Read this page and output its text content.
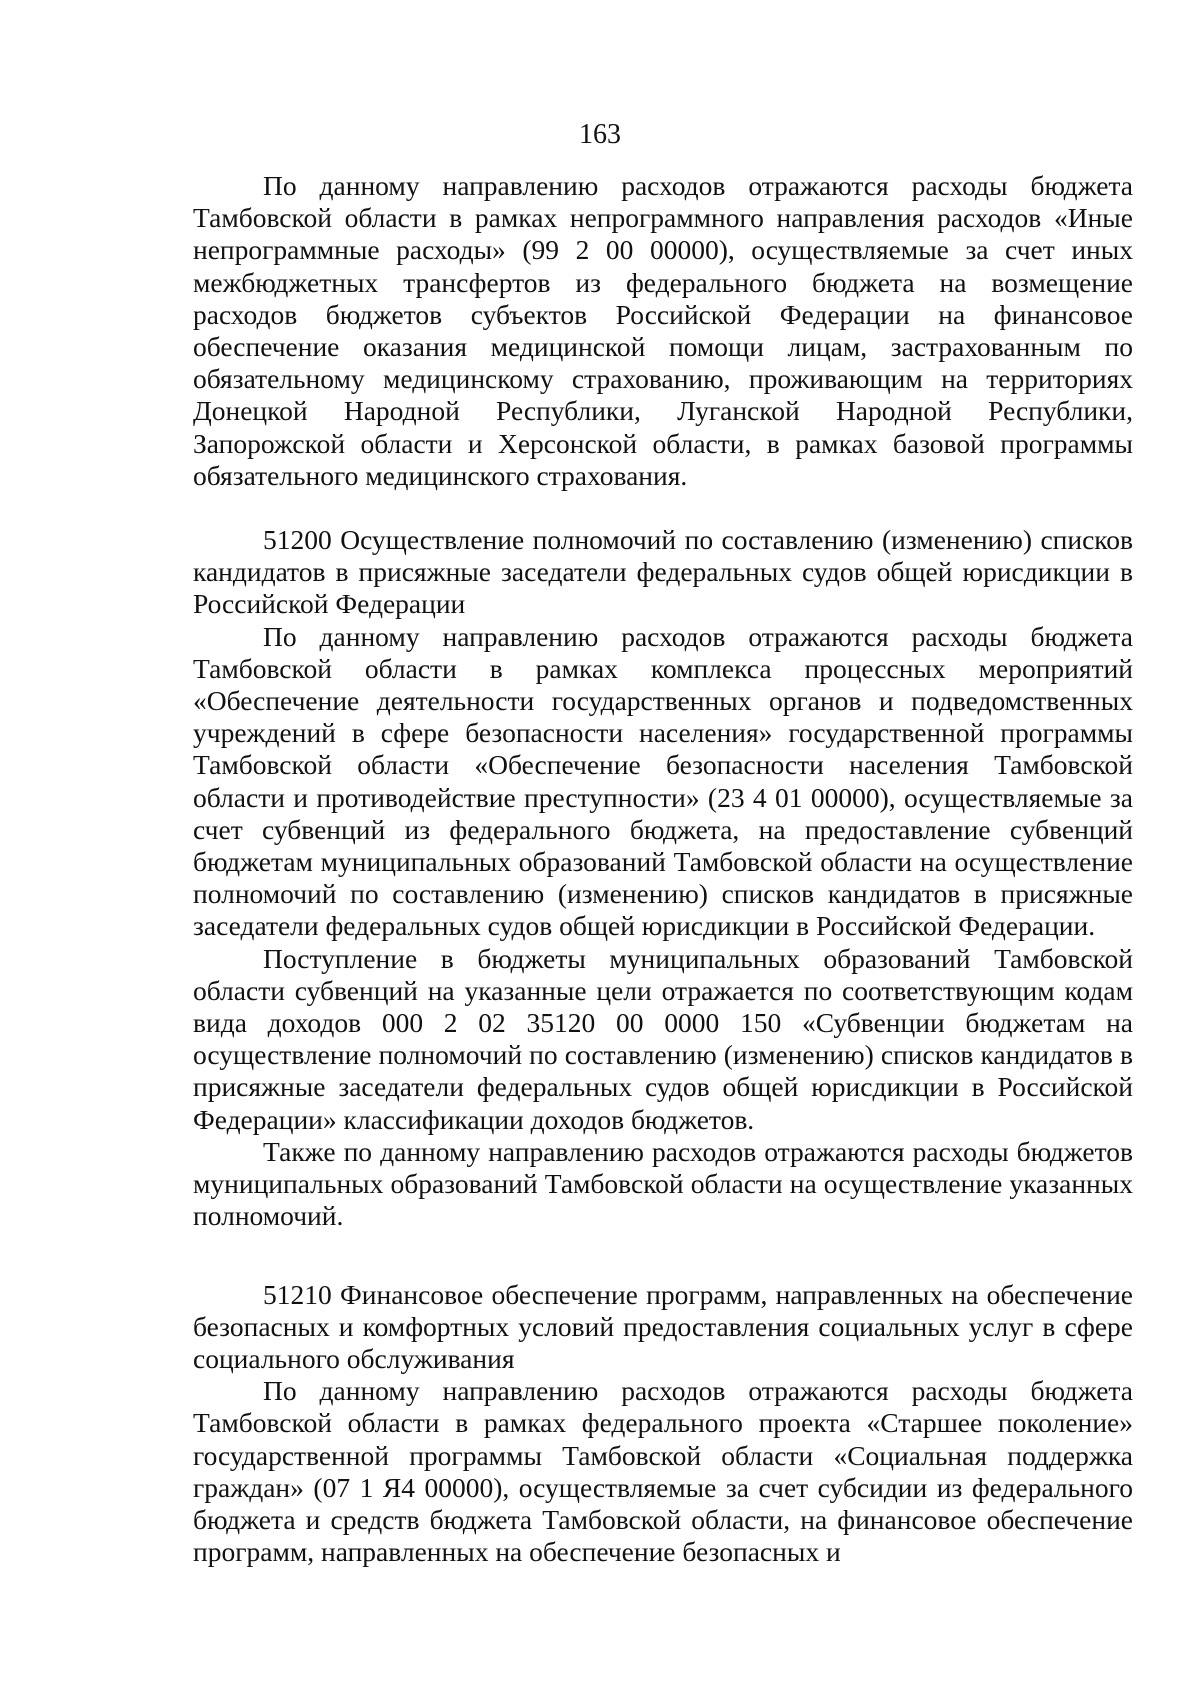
163

По данному направлению расходов отражаются расходы бюджета Тамбовской области в рамках непрограммного направления расходов «Иные непрограммные расходы» (99 2 00 00000), осуществляемые за счет иных межбюджетных трансфертов из федерального бюджета на возмещение расходов бюджетов субъектов Российской Федерации на финансовое обеспечение оказания медицинской помощи лицам, застрахованным по обязательному медицинскому страхованию, проживающим на территориях Донецкой Народной Республики, Луганской Народной Республики, Запорожской области и Херсонской области, в рамках базовой программы обязательного медицинского страхования.

51200 Осуществление полномочий по составлению (изменению) списков кандидатов в присяжные заседатели федеральных судов общей юрисдикции в Российской Федерации

По данному направлению расходов отражаются расходы бюджета Тамбовской области в рамках комплекса процессных мероприятий «Обеспечение деятельности государственных органов и подведомственных учреждений в сфере безопасности населения» государственной программы Тамбовской области «Обеспечение безопасности населения Тамбовской области и противодействие преступности» (23 4 01 00000), осуществляемые за счет субвенций из федерального бюджета, на предоставление субвенций бюджетам муниципальных образований Тамбовской области на осуществление полномочий по составлению (изменению) списков кандидатов в присяжные заседатели федеральных судов общей юрисдикции в Российской Федерации.

Поступление в бюджеты муниципальных образований Тамбовской области субвенций на указанные цели отражается по соответствующим кодам вида доходов 000 2 02 35120 00 0000 150 «Субвенции бюджетам на осуществление полномочий по составлению (изменению) списков кандидатов в присяжные заседатели федеральных судов общей юрисдикции в Российской Федерации» классификации доходов бюджетов.

Также по данному направлению расходов отражаются расходы бюджетов муниципальных образований Тамбовской области на осуществление указанных полномочий.

51210 Финансовое обеспечение программ, направленных на обеспечение безопасных и комфортных условий предоставления социальных услуг в сфере социального обслуживания

По данному направлению расходов отражаются расходы бюджета Тамбовской области в рамках федерального проекта «Старшее поколение» государственной программы Тамбовской области «Социальная поддержка граждан» (07 1 Я4 00000), осуществляемые за счет субсидии из федерального бюджета и средств бюджета Тамбовской области, на финансовое обеспечение программ, направленных на обеспечение безопасных и
